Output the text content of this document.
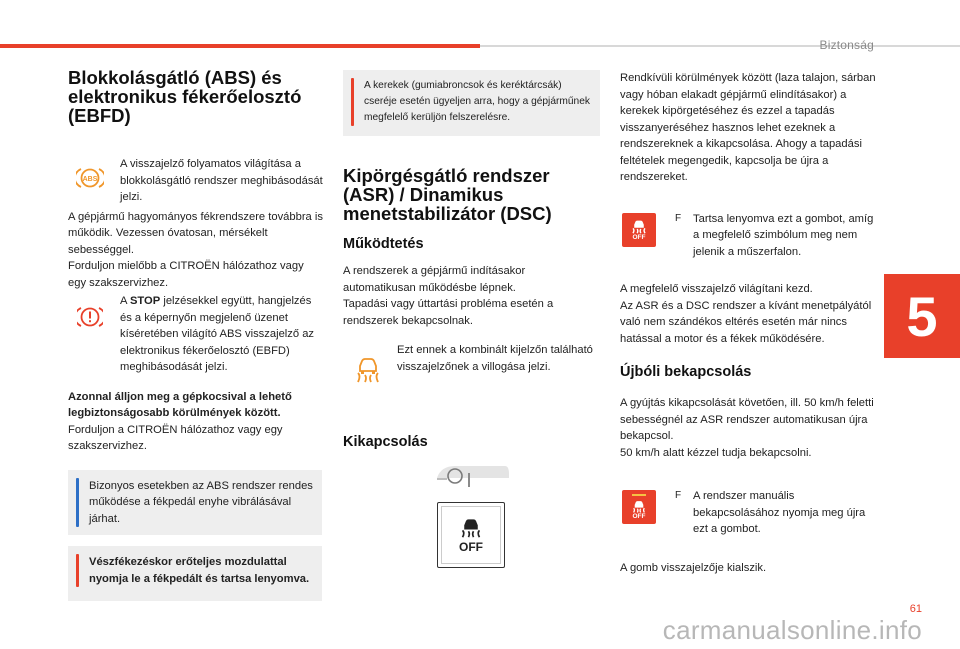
Biztonság
5
61
carmanualsonline.info
Blokkolásgátló (ABS) és elektronikus fékerőelosztó (EBFD)
ABS

A visszajelző folyamatos világítása a blokkolásgátló rendszer meghibásodását jelzi.

A gépjármű hagyományos fékrendszere továbbra is működik. Vezessen óvatosan, mérsékelt sebességgel.

Forduljon mielőbb a CITROËN hálózathoz vagy egy szakszervizhez.

A STOP jelzésekkel együtt, hangjelzés és a képernyőn megjelenő üzenet kíséretében világító ABS visszajelző az elektronikus fékerőelosztó (EBFD) meghibásodását jelzi.

Azonnal álljon meg a gépkocsival a lehető legbiztonságosabb körülmények között.

Forduljon a CITROËN hálózathoz vagy egy szakszervizhez.

Bizonyos esetekben az ABS rendszer rendes működése a fékpedál enyhe vibrálásával járhat.

Vészfékezéskor erőteljes mozdulattal nyomja le a fékpedált és tartsa lenyomva.

A kerekek (gumiabroncsok és keréktárcsák) cseréje esetén ügyeljen arra, hogy a gépjárműnek megfelelő kerüljön felszerelésre.

Kipörgésgátló rendszer (ASR) / Dinamikus menetstabilizátor (DSC)
Működtetés

A rendszerek a gépjármű indításakor automatikusan működésbe lépnek.

Tapadási vagy úttartási probléma esetén a rendszerek bekapcsolnak.

Ezt ennek a kombinált kijelzőn található visszajelzőnek a villogása jelzi.

Kikapcsolás
OFF

Rendkívüli körülmények között (laza talajon, sárban vagy hóban elakadt gépjármű elindításakor) a kerekek kipörgetéséhez és ezzel a tapadás visszanyeréséhez hasznos lehet ezeknek a rendszereknek a kikapcsolása. Ahogy a tapadási feltételek megengedik, kapcsolja be újra a rendszereket.

OFF
F	Tartsa lenyomva ezt a gombot, amíg a megfelelő szimbólum meg nem jelenik a műszerfalon.

A megfelelő visszajelző világítani kezd.

Az ASR és a DSC rendszer a kívánt menetpályától való nem szándékos eltérés esetén már nincs hatással a motor és a fékek működésére.

Újbóli bekapcsolás

A gyújtás kikapcsolását követően, ill. 50 km/h feletti sebességnél az ASR rendszer automatikusan újra bekapcsol.

50 km/h alatt kézzel tudja bekapcsolni.

OFF
F	A rendszer manuális bekapcsolásához nyomja meg újra ezt a gombot.

A gomb visszajelzője kialszik.
